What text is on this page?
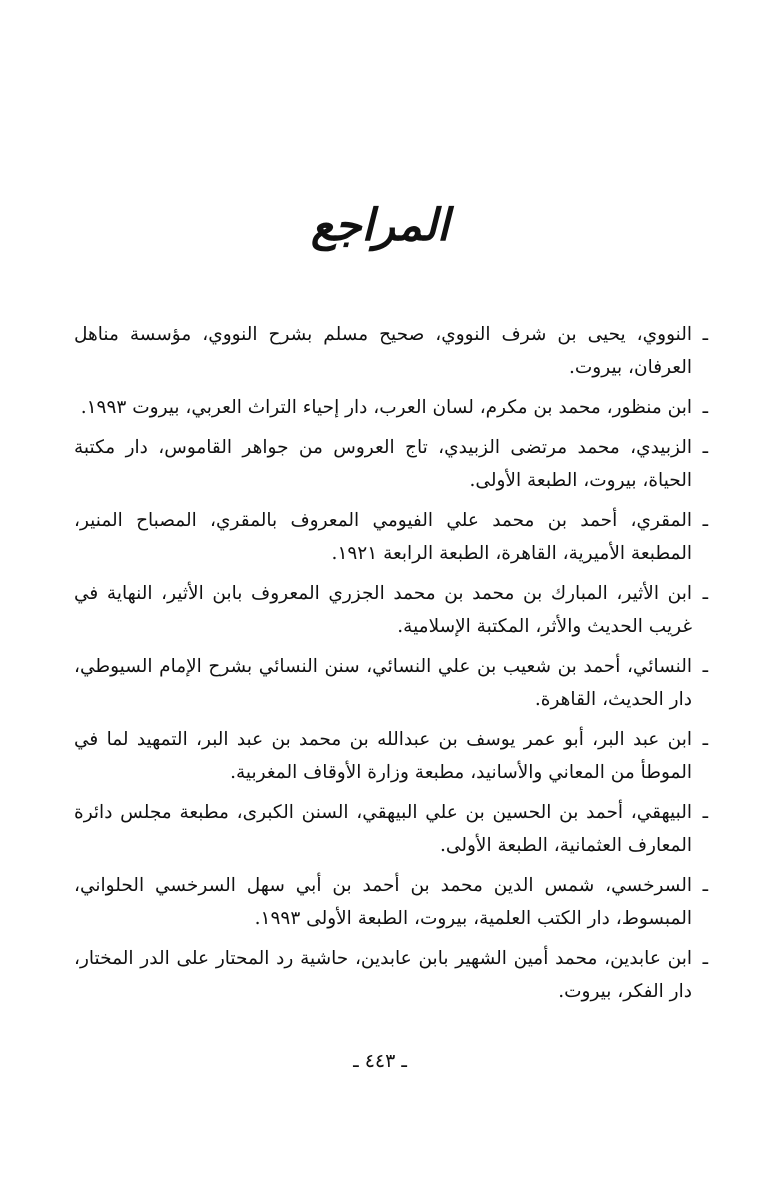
المراجع
ـ
النووي، يحيى بن شرف النووي، صحيح مسلم بشرح النووي، مؤسسة مناهل العرفان، بيروت.
ـ
ابن منظور، محمد بن مكرم، لسان العرب، دار إحياء التراث العربي، بيروت ١٩٩٣.
ـ
الزبيدي، محمد مرتضى الزبيدي، تاج العروس من جواهر القاموس، دار مكتبة الحياة، بيروت، الطبعة الأولى.
ـ
المقري، أحمد بن محمد علي الفيومي المعروف بالمقري، المصباح المنير، المطبعة الأميرية، القاهرة، الطبعة الرابعة ١٩٢١.
ـ
ابن الأثير، المبارك بن محمد بن محمد الجزري المعروف بابن الأثير، النهاية في غريب الحديث والأثر، المكتبة الإسلامية.
ـ
النسائي، أحمد بن شعيب بن علي النسائي، سنن النسائي بشرح الإمام السيوطي، دار الحديث، القاهرة.
ـ
ابن عبد البر، أبو عمر يوسف بن عبدالله بن محمد بن عبد البر، التمهيد لما في الموطأ من المعاني والأسانيد، مطبعة وزارة الأوقاف المغربية.
ـ
البيهقي، أحمد بن الحسين بن علي البيهقي، السنن الكبرى، مطبعة مجلس دائرة المعارف العثمانية، الطبعة الأولى.
ـ
السرخسي، شمس الدين محمد بن أحمد بن أبي سهل السرخسي الحلواني، المبسوط، دار الكتب العلمية، بيروت، الطبعة الأولى ١٩٩٣.
ـ
ابن عابدين، محمد أمين الشهير بابن عابدين، حاشية رد المحتار على الدر المختار، دار الفكر، بيروت.
ـ ٤٤٣ ـ
